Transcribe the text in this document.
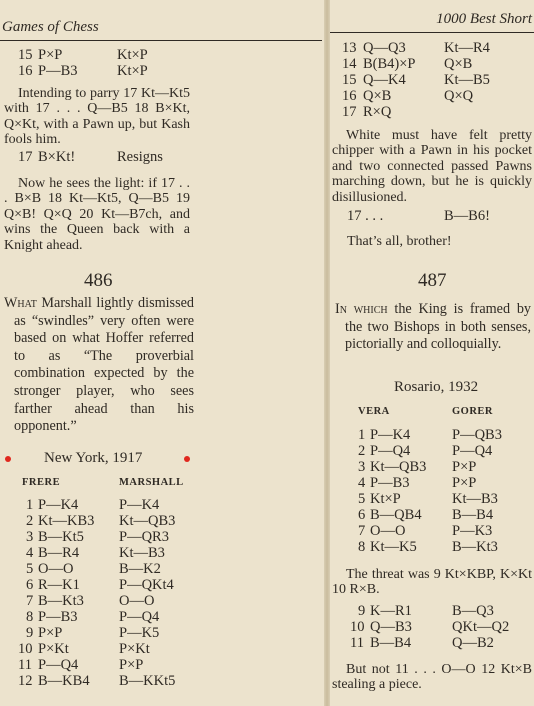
Games of Chess
15 P×P	Kt×P
16 P—B3	Kt×P

Intending to parry 17 Kt—Kt5 with 17 . . . Q—B5 18 B×Kt, Q×Kt, with a Pawn up, but Kash fools him.

17 B×Kt!	Resigns

Now he sees the light: if 17 . . . B×B 18 Kt—Kt5, Q—B5 19 Q×B! Q×Q 20 Kt—B7ch, and wins the Queen back with a Knight ahead.

486

What Marshall lightly dismissed as “swindles” very often were based on what Hoffer referred to as “The proverbial combination expected by the stronger player, who sees farther ahead than his opponent.”

New York, 1917
FRERE	MARSHALL
1 P—K4	P—K4
2 Kt—KB3 Kt—QB3
3 B—Kt5 P—QR3
4 B—R4	Kt—B3
5 O—O	B—K2
6 R—K1	P—QKt4
7 B—Kt3 O—O
8 P—B3	P—Q4
9 P×P	P—K5
10 P×Kt	P×Kt
11 P—Q4	P×P
12 B—KB4 B—KKt5
1000 Best Short
13 Q—Q3	Kt—R4
14 B(B4)×P Q×B
15 Q—K4	Kt—B5
16 Q×B	Q×Q
17 R×Q

White must have felt pretty chipper with a Pawn in his pocket and two connected passed Pawns marching down, but he is quickly disillusioned.

17 . . .	B—B6!
That’s all, brother!
487

In which the King is framed by the two Bishops in both senses, pictorially and colloquially.

Rosario, 1932
VERA	GORER
1 P—K4	P—QB3
2 P—Q4	P—Q4
3 Kt—QB3 P×P
4 P—B3	P×P
5 Kt×P	Kt—B3
6 B—QB4 B—B4
7 O—O	P—K3
8 Kt—K5 B—Kt3

The threat was 9 Kt×KBP, K×Kt 10 R×B.

9 K—R1	B—Q3
10 Q—B3	QKt—Q2
11 B—B4	Q—B2

But not 11 . . . O—O 12 Kt×B stealing a piece.
